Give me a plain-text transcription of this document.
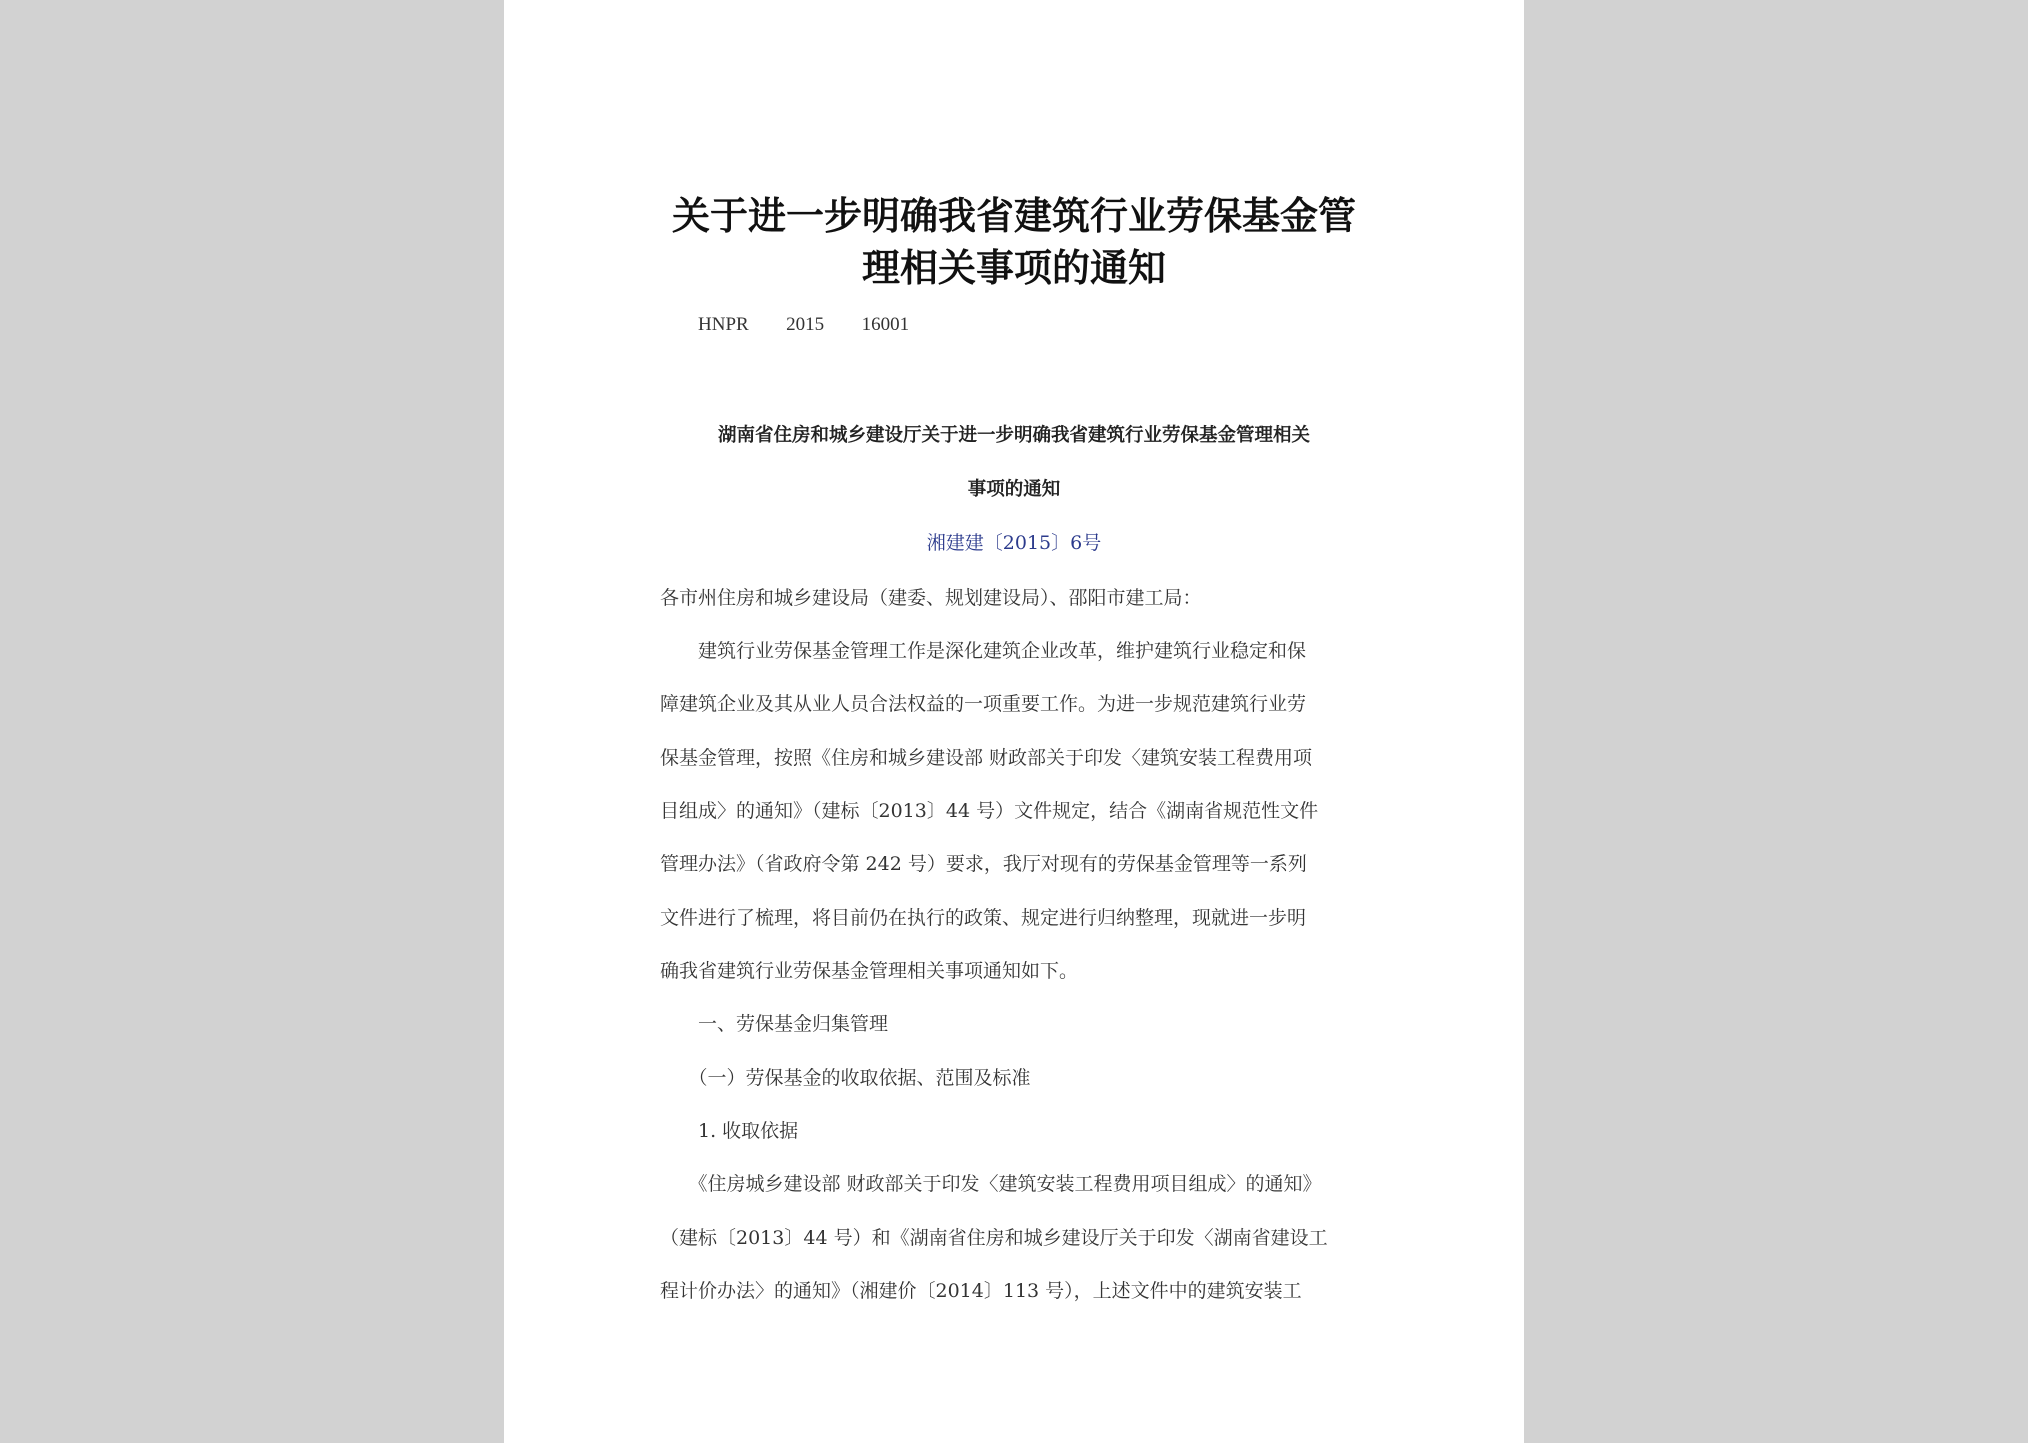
关于进一步明确我省建筑行业劳保基金管
理相关事项的通知
HNPR  2015  16001
湖南省住房和城乡建设厅关于进一步明确我省建筑行业劳保基金管理相关
事项的通知
湘建建〔2015〕6号
各市州住房和城乡建设局（建委、规划建设局）、邵阳市建工局：
　　建筑行业劳保基金管理工作是深化建筑企业改革，维护建筑行业稳定和保
障建筑企业及其从业人员合法权益的一项重要工作。为进一步规范建筑行业劳
保基金管理，按照《住房和城乡建设部 财政部关于印发〈建筑安装工程费用项
目组成〉的通知》（建标〔2013〕44 号）文件规定，结合《湖南省规范性文件
管理办法》（省政府令第 242 号）要求，我厅对现有的劳保基金管理等一系列
文件进行了梳理，将目前仍在执行的政策、规定进行归纳整理，现就进一步明
确我省建筑行业劳保基金管理相关事项通知如下。
　　一、劳保基金归集管理
　　（一）劳保基金的收取依据、范围及标准
　　1. 收取依据
　　《住房城乡建设部 财政部关于印发〈建筑安装工程费用项目组成〉的通知》
（建标〔2013〕44 号）和《湖南省住房和城乡建设厅关于印发〈湖南省建设工
程计价办法〉的通知》（湘建价〔2014〕113 号），上述文件中的建筑安装工
